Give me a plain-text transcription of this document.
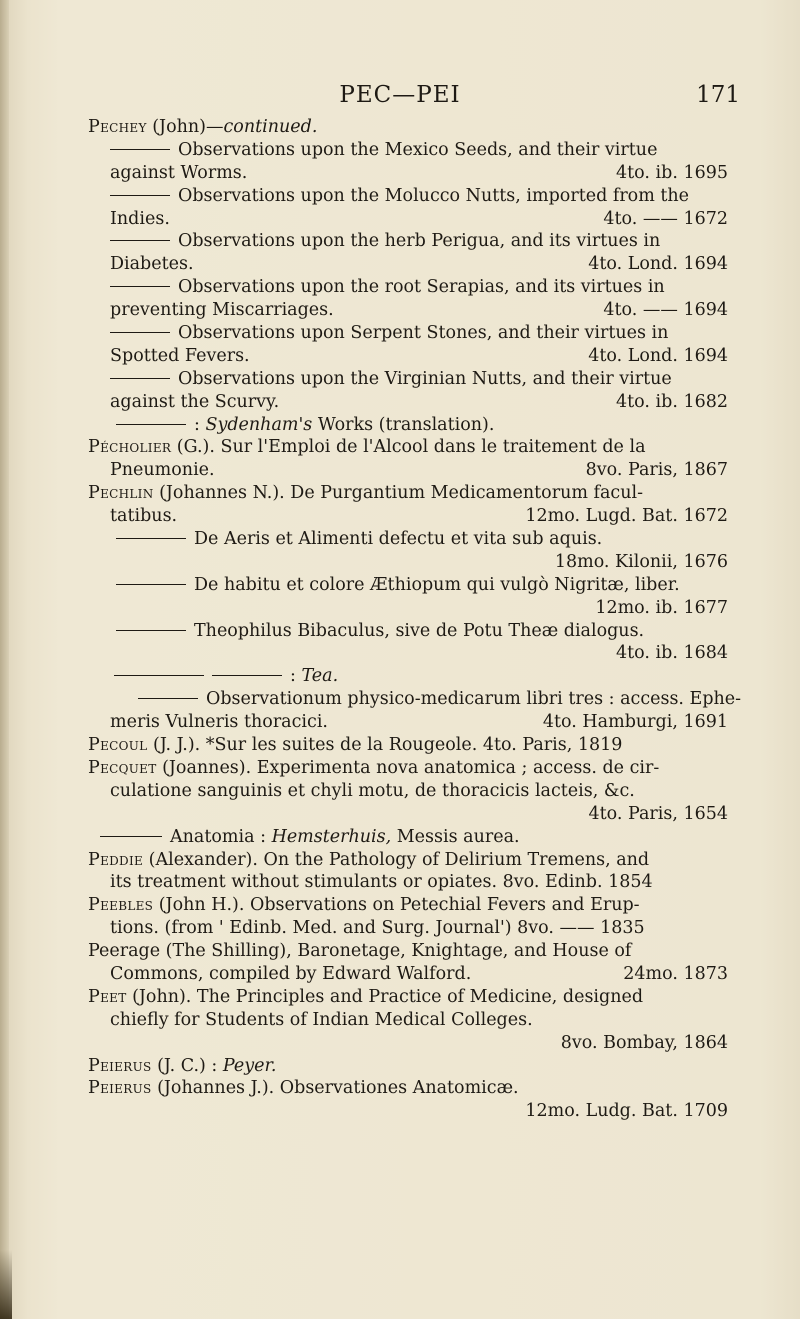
PEC—PEI	171
Pechey (John)—continued.
Observations upon the Mexico Seeds, and their virtue
against Worms.	4to. ib. 1695
Observations upon the Molucco Nutts, imported from the
Indies.	4to. —— 1672
Observations upon the herb Perigua, and its virtues in
Diabetes.	4to. Lond. 1694
Observations upon the root Serapias, and its virtues in
preventing Miscarriages.	4to. —— 1694
Observations upon Serpent Stones, and their virtues in
Spotted Fevers.	4to. Lond. 1694
Observations upon the Virginian Nutts, and their virtue
against the Scurvy.	4to. ib. 1682
: Sydenham's Works (translation).
Pécholier (G.). Sur l'Emploi de l'Alcool dans le traitement de la
Pneumonie.	8vo. Paris, 1867
Pechlin (Johannes N.). De Purgantium Medicamentorum facul-
tatibus.	12mo. Lugd. Bat. 1672
De Aeris et Alimenti defectu et vita sub aquis.
18mo. Kilonii, 1676
De habitu et colore Æthiopum qui vulgò Nigritæ, liber.
12mo. ib. 1677
Theophilus Bibaculus, sive de Potu Theæ dialogus.
4to. ib. 1684
: Tea.
Observationum physico-medicarum libri tres : access. Ephe-
meris Vulneris thoracici.	4to. Hamburgi, 1691
Pecoul (J. J.). *Sur les suites de la Rougeole. 4to. Paris, 1819
Pecquet (Joannes). Experimenta nova anatomica ; access. de cir-
culatione sanguinis et chyli motu, de thoracicis lacteis, &c.
4to. Paris, 1654
Anatomia : Hemsterhuis, Messis aurea.
Peddie (Alexander). On the Pathology of Delirium Tremens, and
its treatment without stimulants or opiates. 8vo. Edinb. 1854
Peebles (John H.). Observations on Petechial Fevers and Erup-
tions. (from ' Edinb. Med. and Surg. Journal') 8vo. —— 1835
Peerage (The Shilling), Baronetage, Knightage, and House of
Commons, compiled by Edward Walford.	24mo. 1873
Peet (John). The Principles and Practice of Medicine, designed
chiefly for Students of Indian Medical Colleges.
8vo. Bombay, 1864
Peierus (J. C.) : Peyer.
Peierus (Johannes J.). Observationes Anatomicæ.
12mo. Ludg. Bat. 1709
